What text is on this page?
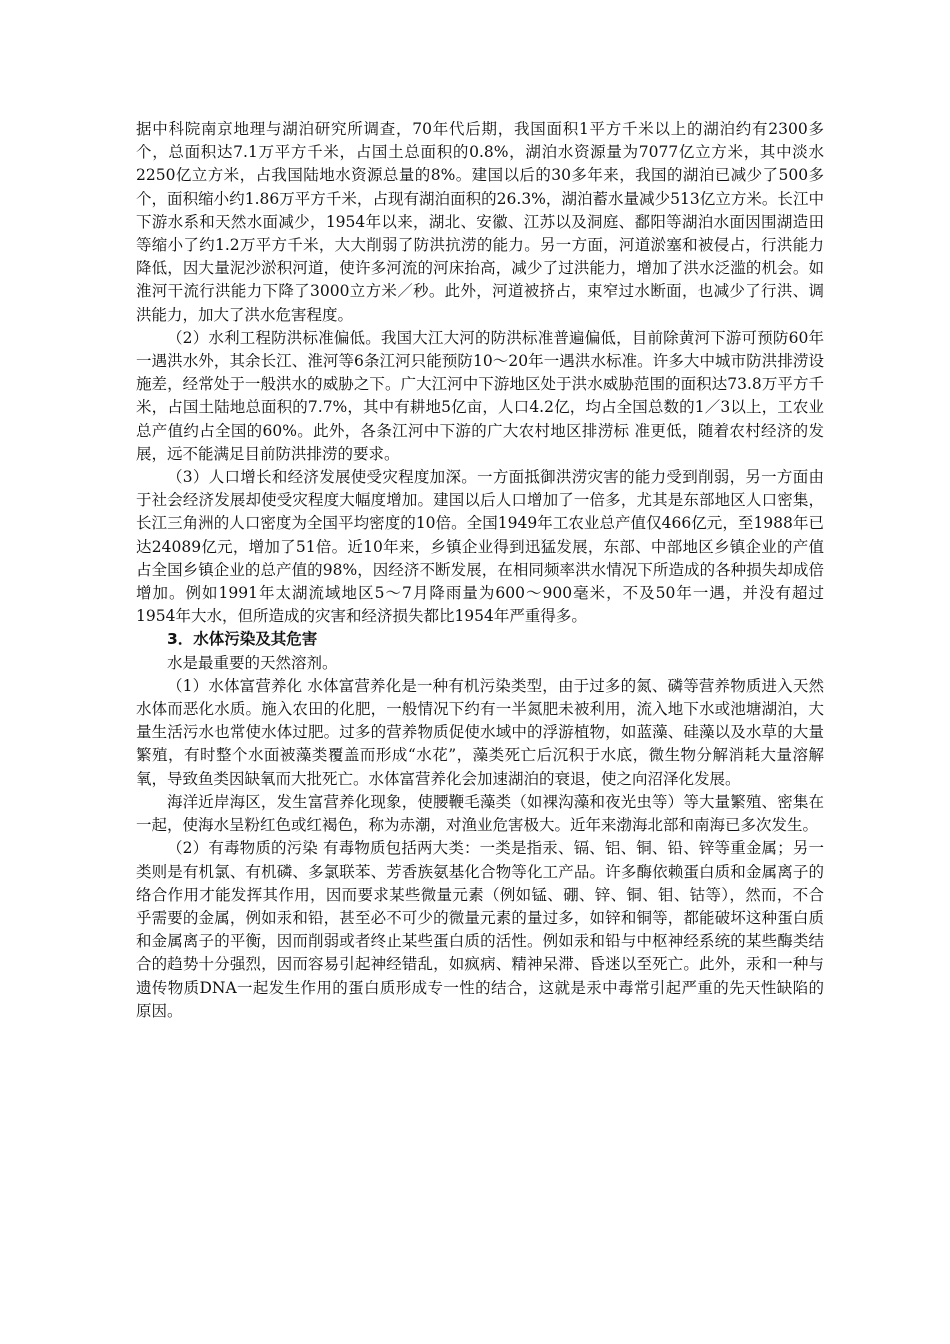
据中科院南京地理与湖泊研究所调查，70年代后期，我国面积1平方千米以上的湖泊约有2300多个，总面积达7.1万平方千米，占国土总面积的0.8%，湖泊水资源量为7077亿立方米，其中淡水2250亿立方米，占我国陆地水资源总量的8%。建国以后的30多年来，我国的湖泊已减少了500多个，面积缩小约1.86万平方千米，占现有湖泊面积的26.3%，湖泊蓄水量减少513亿立方米。长江中下游水系和天然水面减少，1954年以来，湖北、安徽、江苏以及洞庭、鄱阳等湖泊水面因围湖造田等缩小了约1.2万平方千米，大大削弱了防洪抗涝的能力。另一方面，河道淤塞和被侵占，行洪能力降低，因大量泥沙淤积河道，使许多河流的河床抬高，减少了过洪能力，增加了洪水泛滥的机会。如淮河干流行洪能力下降了3000立方米／秒。此外，河道被挤占，束窄过水断面，也减少了行洪、调洪能力，加大了洪水危害程度。

（2）水利工程防洪标准偏低。我国大江大河的防洪标准普遍偏低，目前除黄河下游可预防60年一遇洪水外，其余长江、淮河等6条江河只能预防10～20年一遇洪水标准。许多大中城市防洪排涝设施差，经常处于一般洪水的威胁之下。广大江河中下游地区处于洪水威胁范围的面积达73.8万平方千米，占国土陆地总面积的7.7%，其中有耕地5亿亩，人口4.2亿，均占全国总数的1／3以上，工农业总产值约占全国的60%。此外，各条江河中下游的广大农村地区排涝标 准更低，随着农村经济的发展，远不能满足目前防洪排涝的要求。

（3）人口增长和经济发展使受灾程度加深。一方面抵御洪涝灾害的能力受到削弱，另一方面由于社会经济发展却使受灾程度大幅度增加。建国以后人口增加了一倍多，尤其是东部地区人口密集，长江三角洲的人口密度为全国平均密度的10倍。全国1949年工农业总产值仅466亿元，至1988年已达24089亿元，增加了51倍。近10年来，乡镇企业得到迅猛发展，东部、中部地区乡镇企业的产值占全国乡镇企业的总产值的98%，因经济不断发展，在相同频率洪水情况下所造成的各种损失却成倍增加。例如1991年太湖流域地区5～7月降雨量为600～900毫米，不及50年一遇，并没有超过1954年大水，但所造成的灾害和经济损失都比1954年严重得多。

3．水体污染及其危害

水是最重要的天然溶剂。

（1）水体富营养化 水体富营养化是一种有机污染类型，由于过多的氮、磷等营养物质进入天然水体而恶化水质。施入农田的化肥，一般情况下约有一半氮肥未被利用，流入地下水或池塘湖泊，大量生活污水也常使水体过肥。过多的营养物质促使水域中的浮游植物，如蓝藻、硅藻以及水草的大量繁殖，有时整个水面被藻类覆盖而形成“水花”，藻类死亡后沉积于水底，微生物分解消耗大量溶解氧，导致鱼类因缺氧而大批死亡。水体富营养化会加速湖泊的衰退，使之向沼泽化发展。

海洋近岸海区，发生富营养化现象，使腰鞭毛藻类（如裸沟藻和夜光虫等）等大量繁殖、密集在一起，使海水呈粉红色或红褐色，称为赤潮，对渔业危害极大。近年来渤海北部和南海已多次发生。

（2）有毒物质的污染 有毒物质包括两大类：一类是指汞、镉、铝、铜、铅、锌等重金属；另一类则是有机氯、有机磷、多氯联苯、芳香族氨基化合物等化工产品。许多酶依赖蛋白质和金属离子的络合作用才能发挥其作用，因而要求某些微量元素（例如锰、硼、锌、铜、钼、钴等），然而，不合乎需要的金属，例如汞和铅，甚至必不可少的微量元素的量过多，如锌和铜等，都能破坏这种蛋白质和金属离子的平衡，因而削弱或者终止某些蛋白质的活性。例如汞和铅与中枢神经系统的某些酶类结合的趋势十分强烈，因而容易引起神经错乱，如疯病、精神呆滞、昏迷以至死亡。此外，汞和一种与遗传物质DNA一起发生作用的蛋白质形成专一性的结合，这就是汞中毒常引起严重的先天性缺陷的原因。
